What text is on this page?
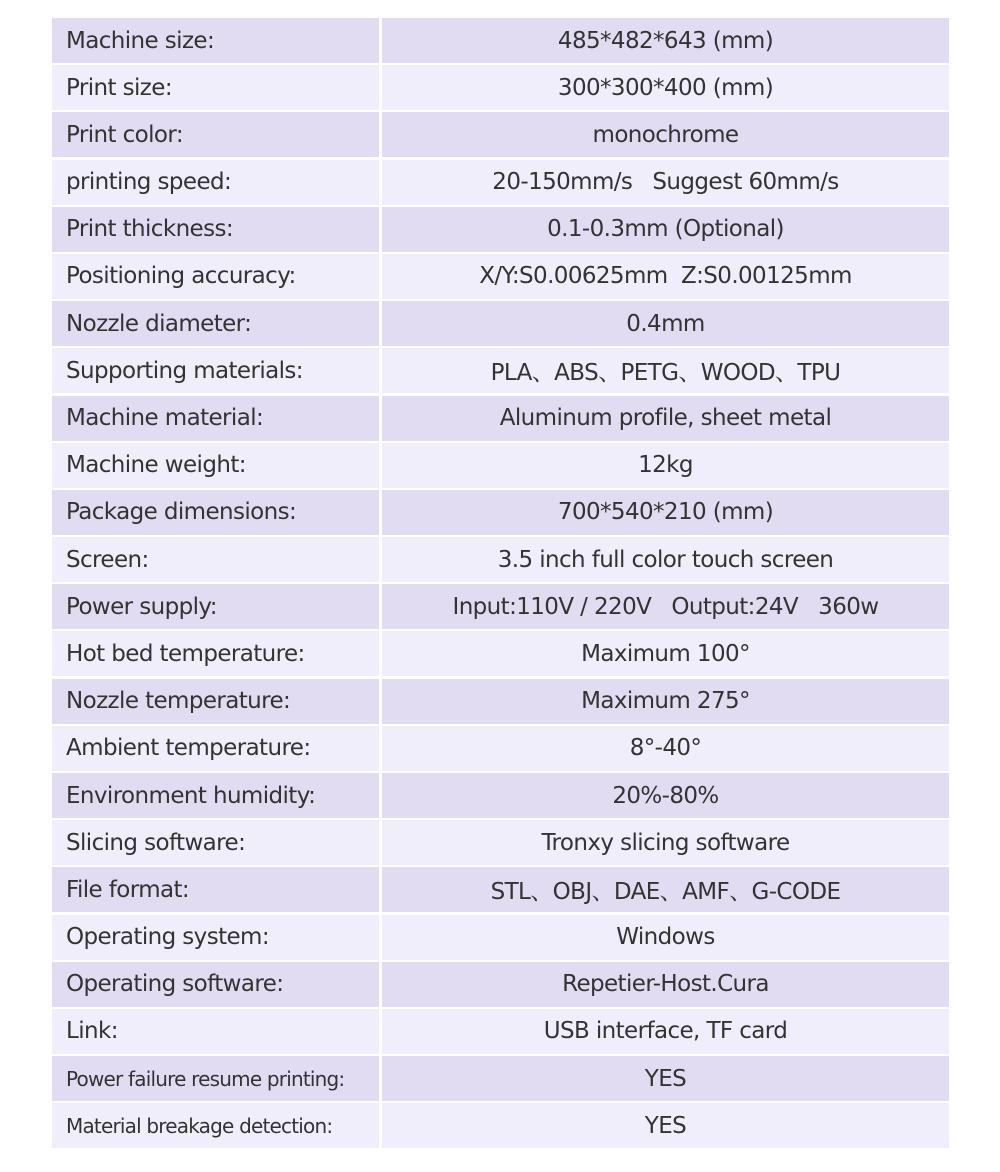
Machine size:	485*482*643 (mm)
Print size:	300*300*400 (mm)
Print color:	monochrome
printing speed:	20-150mm/s   Suggest 60mm/s
Print thickness:	0.1-0.3mm (Optional)
Positioning accuracy:	X/Y:S0.00625mm  Z:S0.00125mm
Nozzle diameter:	0.4mm
Supporting materials:	PLA、ABS、PETG、WOOD、TPU
Machine material:	Aluminum profile, sheet metal
Machine weight:	12kg
Package dimensions:	700*540*210 (mm)
Screen:	3.5 inch full color touch screen
Power supply:	Input:110V / 220V   Output:24V   360w
Hot bed temperature:	Maximum 100°
Nozzle temperature:	Maximum 275°
Ambient temperature:	8°-40°
Environment humidity:	20%-80%
Slicing software:	Tronxy slicing software
File format:	STL、OBJ、DAE、AMF、G-CODE
Operating system:	Windows
Operating software:	Repetier-Host.Cura
Link:	USB interface, TF card
Power failure resume printing:	YES
Material breakage detection:	YES
